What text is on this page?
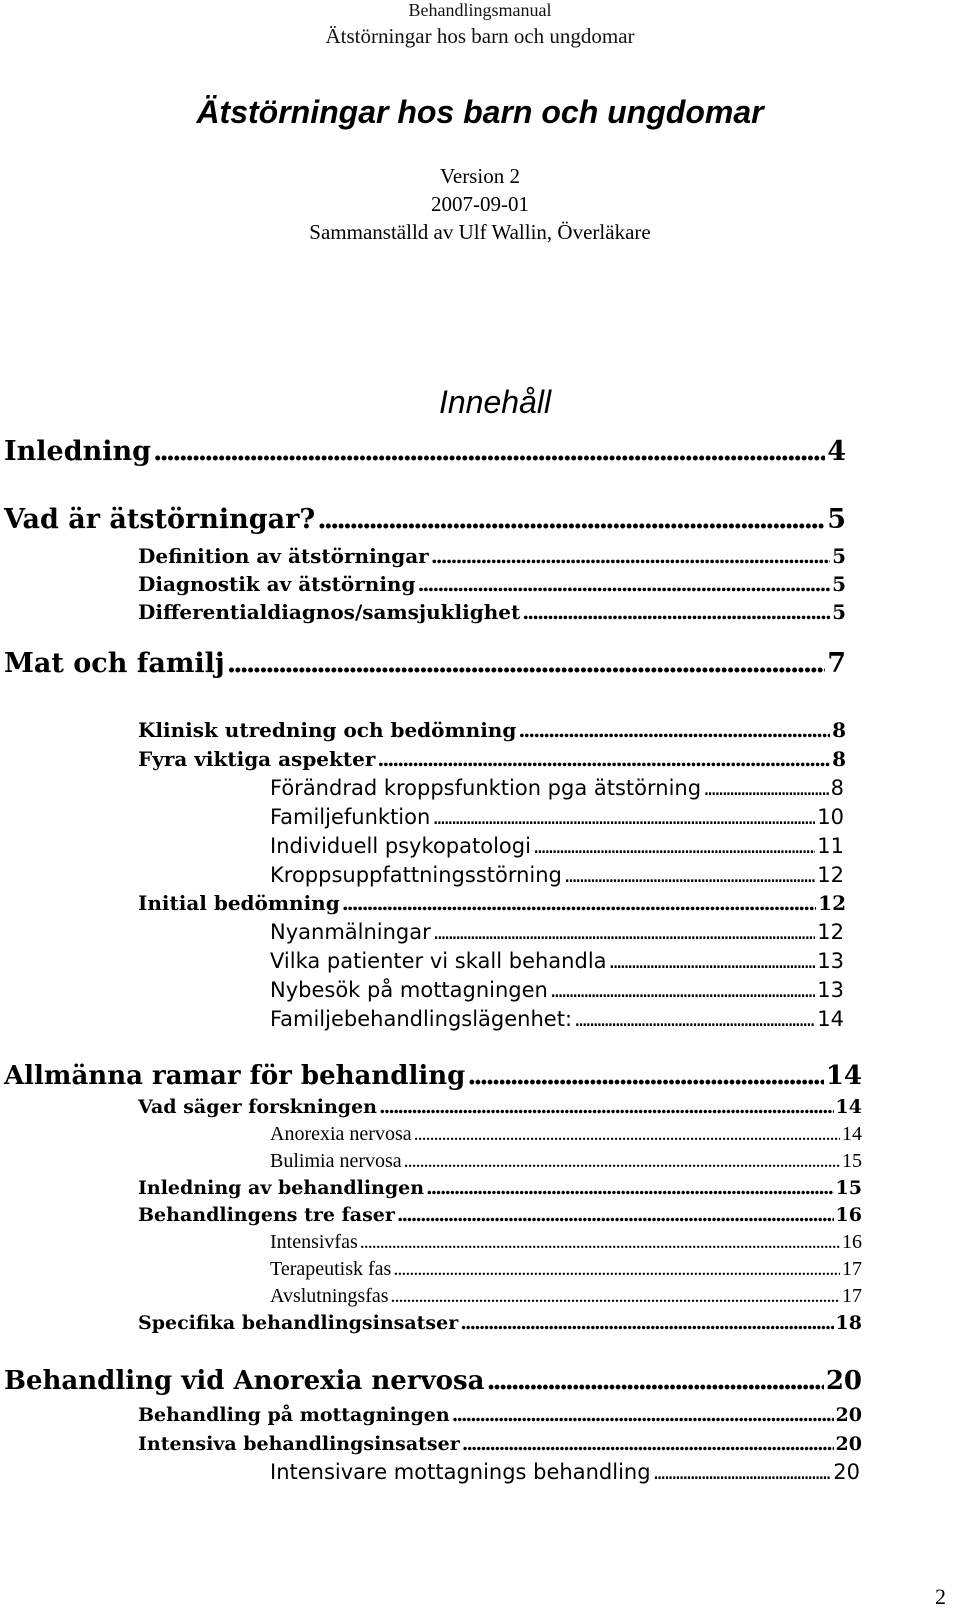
Behandlingsmanual
Ätstörningar hos barn och ungdomar
Ätstörningar hos barn och ungdomar
Version 2
2007-09-01
Sammanställd av Ulf Wallin, Överläkare
Innehåll
Inledning .....	4
Vad är ätstörningar? .....	5
Definition av ätstörningar .....	5
Diagnostik av ätstörning .....	5
Differentialdiagnos/samsjuklighet .....	5
Mat och familj .....	7
Klinisk utredning och bedömning .....	8
Fyra viktiga aspekter .....	8
Förändrad kroppsfunktion pga ätstörning .....	8
Familjefunktion .....	10
Individuell psykopatologi .....	11
Kroppsuppfattningsstörning .....	12
Initial bedömning .....	12
Nyanmälningar .....	12
Vilka patienter vi skall behandla .....	13
Nybesök på mottagningen .....	13
Familjebehandlingslägenhet: .....	14
Allmänna ramar för behandling .....	14
Vad säger forskningen .....	14
Anorexia nervosa .....	14
Bulimia nervosa .....	15
Inledning av behandlingen .....	15
Behandlingens tre faser .....	16
Intensivfas .....	16
Terapeutisk fas .....	17
Avslutningsfas .....	17
Specifika behandlingsinsatser .....	18
Behandling vid Anorexia nervosa .....	20
Behandling på mottagningen .....	20
Intensiva behandlingsinsatser .....	20
Intensivare mottagnings behandling .....	20
2
